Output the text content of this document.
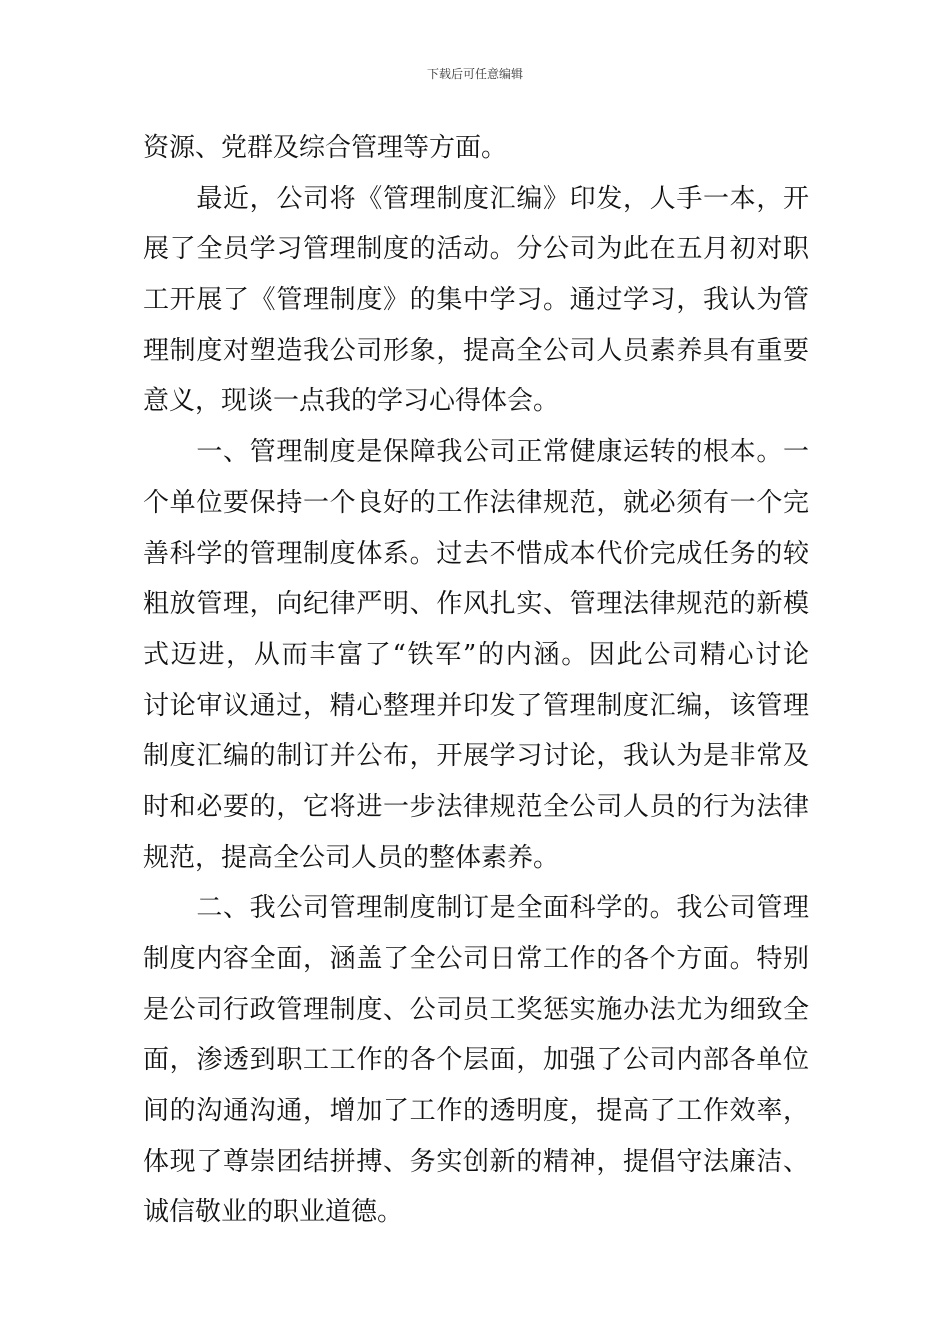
下载后可任意编辑
资源、党群及综合管理等方面。
　　最近，公司将《管理制度汇编》印发，人手一本，开
展了全员学习管理制度的活动。分公司为此在五月初对职
工开展了《管理制度》的集中学习。通过学习，我认为管
理制度对塑造我公司形象，提高全公司人员素养具有重要
意义，现谈一点我的学习心得体会。
　　一、管理制度是保障我公司正常健康运转的根本。一
个单位要保持一个良好的工作法律规范，就必须有一个完
善科学的管理制度体系。过去不惜成本代价完成任务的较
粗放管理，向纪律严明、作风扎实、管理法律规范的新模
式迈进，从而丰富了“铁军”的内涵。因此公司精心讨论
讨论审议通过，精心整理并印发了管理制度汇编，该管理
制度汇编的制订并公布，开展学习讨论，我认为是非常及
时和必要的，它将进一步法律规范全公司人员的行为法律
规范，提高全公司人员的整体素养。
　　二、我公司管理制度制订是全面科学的。我公司管理
制度内容全面，涵盖了全公司日常工作的各个方面。特别
是公司行政管理制度、公司员工奖惩实施办法尤为细致全
面，渗透到职工工作的各个层面，加强了公司内部各单位
间的沟通沟通，增加了工作的透明度，提高了工作效率，
体现了尊崇团结拼搏、务实创新的精神，提倡守法廉洁、
诚信敬业的职业道德。
